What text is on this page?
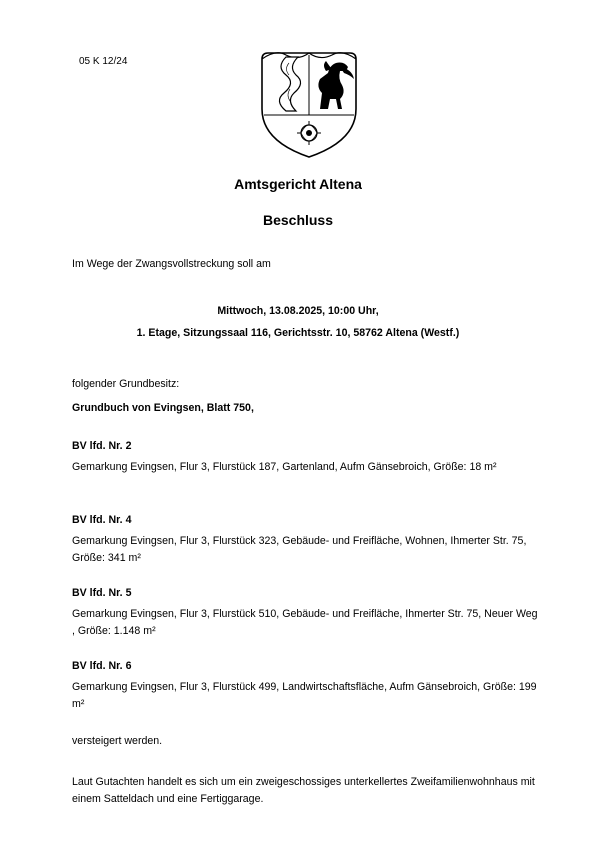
05 K 12/24
Amtsgericht Altena
Beschluss
Im Wege der Zwangsvollstreckung soll am
Mittwoch, 13.08.2025, 10:00 Uhr,
1. Etage, Sitzungssaal 116, Gerichtsstr. 10, 58762 Altena (Westf.)
folgender Grundbesitz:
Grundbuch von Evingsen, Blatt 750,
BV lfd. Nr. 2
Gemarkung Evingsen, Flur 3, Flurstück 187, Gartenland, Aufm Gänsebroich, Größe: 18 m²
BV lfd. Nr. 4
Gemarkung Evingsen, Flur 3, Flurstück 323, Gebäude- und Freifläche, Wohnen, Ihmerter Str. 75, Größe: 341 m²
BV lfd. Nr. 5
Gemarkung Evingsen, Flur 3, Flurstück 510, Gebäude- und Freifläche, Ihmerter Str. 75, Neuer Weg , Größe: 1.148 m²
BV lfd. Nr. 6
Gemarkung Evingsen, Flur 3, Flurstück 499, Landwirtschaftsfläche, Aufm Gänsebroich, Größe: 199 m²
versteigert werden.
Laut Gutachten handelt es sich um ein zweigeschossiges unterkellertes Zweifamilienwohnhaus mit einem Satteldach und eine Fertiggarage.
